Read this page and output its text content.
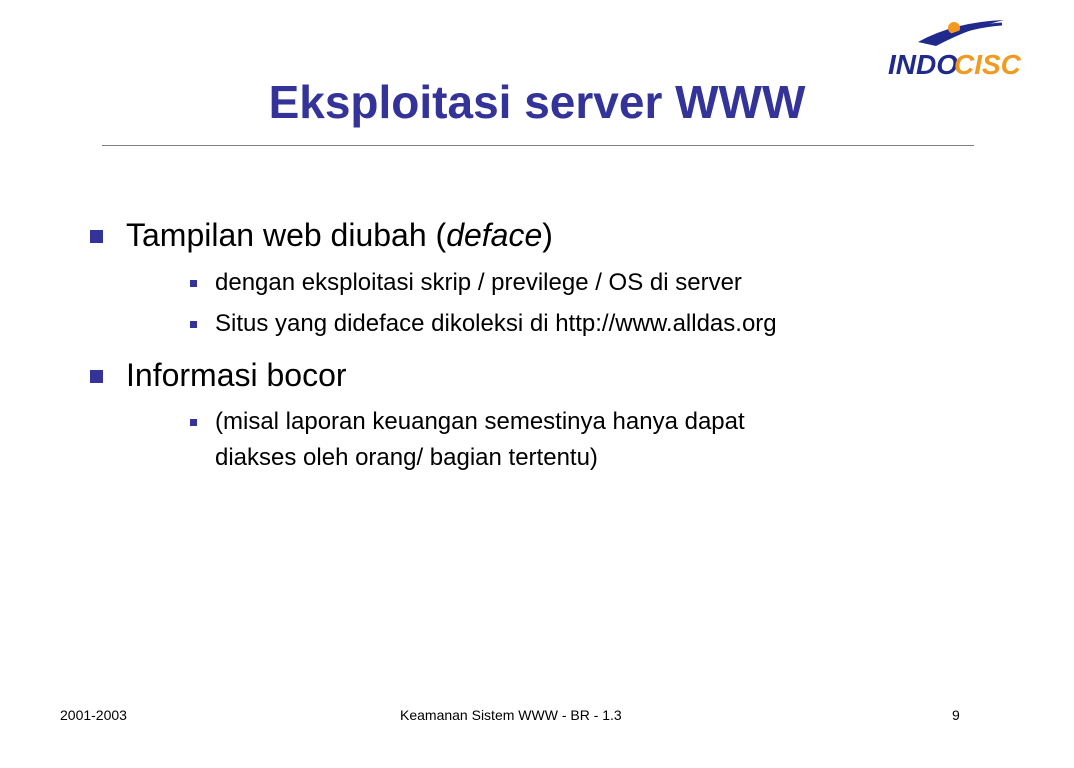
INDO
CISC
Eksploitasi server WWW
Tampilan web diubah (deface)
dengan eksploitasi skrip / previlege / OS di server
Situs yang dideface dikoleksi di http://www.alldas.org
Informasi bocor
(misal laporan keuangan semestinya hanya dapat
diakses oleh orang/ bagian tertentu)
2001-2003	Keamanan Sistem WWW - BR - 1.3	9
